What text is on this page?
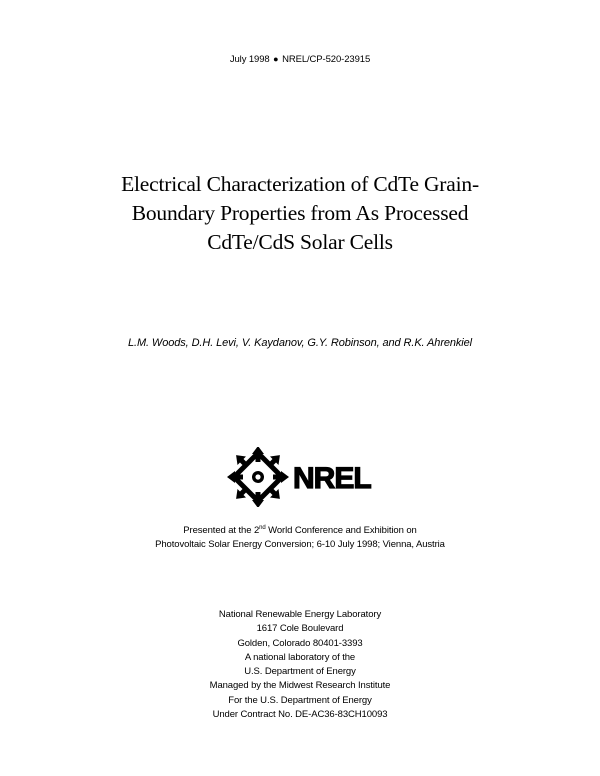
July 1998 ● NREL/CP-520-23915
Electrical Characterization of CdTe Grain-
Boundary Properties from As Processed
CdTe/CdS Solar Cells
L.M. Woods, D.H. Levi, V. Kaydanov, G.Y. Robinson, and R.K. Ahrenkiel
NREL
Presented at the 2nd World Conference and Exhibition on
Photovoltaic Solar Energy Conversion; 6-10 July 1998; Vienna, Austria
National Renewable Energy Laboratory
1617 Cole Boulevard
Golden, Colorado 80401-3393
A national laboratory of the
U.S. Department of Energy
Managed by the Midwest Research Institute
For the U.S. Department of Energy
Under Contract No. DE-AC36-83CH10093
